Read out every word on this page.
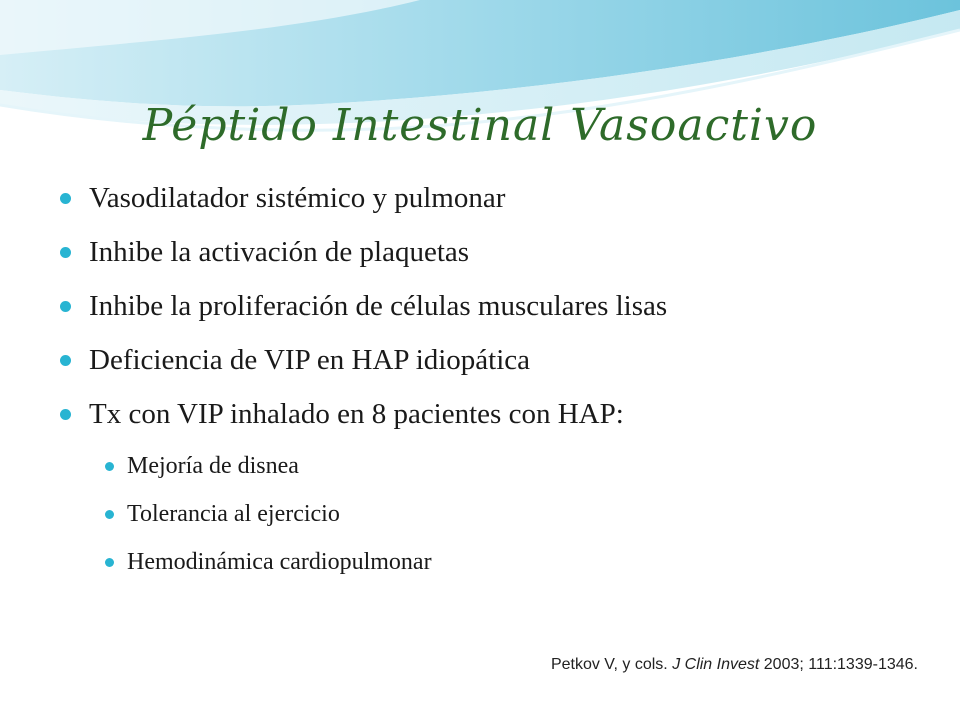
Péptido Intestinal Vasoactivo
Vasodilatador sistémico y pulmonar
Inhibe la activación de plaquetas
Inhibe la proliferación de células musculares lisas
Deficiencia de VIP en HAP idiopática
Tx con VIP inhalado en 8 pacientes con HAP:
Mejoría de disnea
Tolerancia al ejercicio
Hemodinámica cardiopulmonar
Petkov V, y cols. J Clin Invest 2003; 111:1339-1346.
